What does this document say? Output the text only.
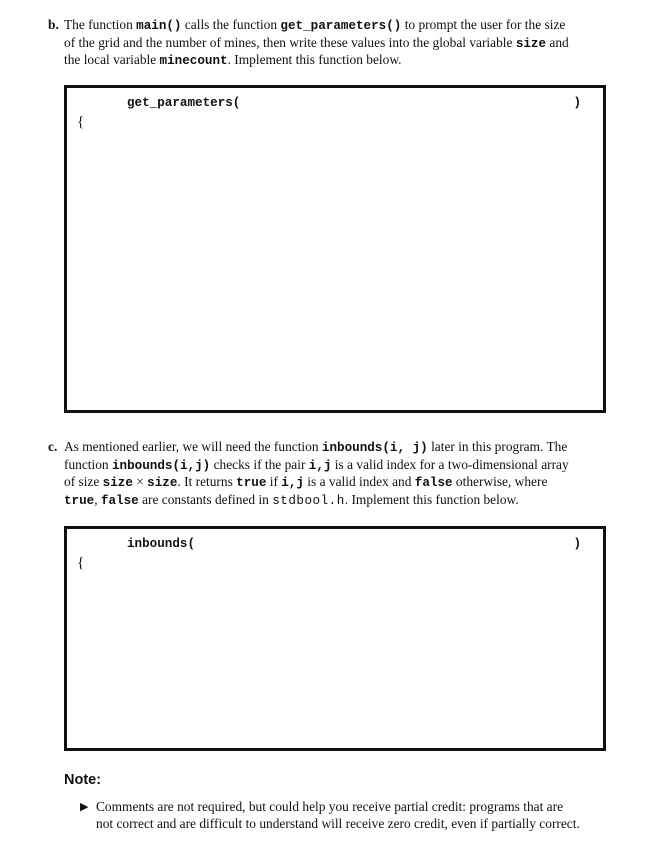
b. The function main() calls the function get_parameters() to prompt the user for the size
of the grid and the number of mines, then write these values into the global variable size and
the local variable minecount. Implement this function below.
get_parameters(	)
{
c. As mentioned earlier, we will need the function inbounds(i, j) later in this program. The
function inbounds(i,j) checks if the pair i,j is a valid index for a two-dimensional array
of size size × size. It returns true if i,j is a valid index and false otherwise, where
true, false are constants defined in stdbool.h. Implement this function below.
inbounds(	)
{
Note:
▶ Comments are not required, but could help you receive partial credit: programs that are
not correct and are difficult to understand will receive zero credit, even if partially correct.
